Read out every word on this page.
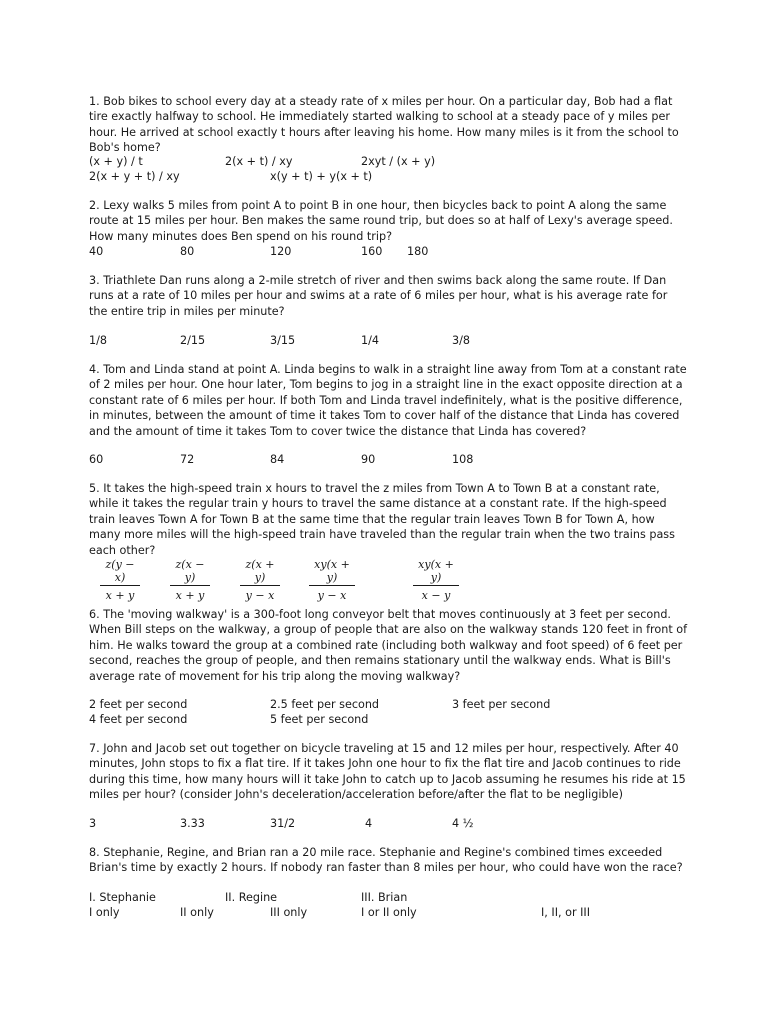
1. Bob bikes to school every day at a steady rate of x miles per hour. On a particular day, Bob had a flat tire exactly halfway to school. He immediately started walking to school at a steady pace of y miles per hour. He arrived at school exactly t hours after leaving his home. How many miles is it from the school to Bob's home?

(x + y) / t	2(x + t) / xy	2xyt / (x + y)
2(x + y + t) / xy	x(y + t) + y(x + t)

2. Lexy walks 5 miles from point A to point B in one hour, then bicycles back to point A along the same route at 15 miles per hour. Ben makes the same round trip, but does so at half of Lexy's average speed. How many minutes does Ben spend on his round trip?

40	80	120	160 180

3. Triathlete Dan runs along a 2-mile stretch of river and then swims back along the same route. If Dan runs at a rate of 10 miles per hour and swims at a rate of 6 miles per hour, what is his average rate for the entire trip in miles per minute?

1/8	2/15	3/15	1/4	3/8

4. Tom and Linda stand at point A. Linda begins to walk in a straight line away from Tom at a constant rate of 2 miles per hour. One hour later, Tom begins to jog in a straight line in the exact opposite direction at a constant rate of 6 miles per hour. If both Tom and Linda travel indefinitely, what is the positive difference, in minutes, between the amount of time it takes Tom to cover half of the distance that Linda has covered and the amount of time it takes Tom to cover twice the distance that Linda has covered?

60	72	84	90	108

5. It takes the high-speed train x hours to travel the z miles from Town A to Town B at a constant rate, while it takes the regular train y hours to travel the same distance at a constant rate. If the high-speed train leaves Town A for Town B at the same time that the regular train leaves Town B for Town A, how many more miles will the high-speed train have traveled than the regular train when the two trains pass each other?

$\frac{z(y - x)}{x + y}$	$\frac{z(x - y)}{x + y}$	$\frac{z(x + y)}{y - x}$	$\frac{xy(x + y)}{y - x}$	$\frac{xy(x + y)}{x - y}$

6. The 'moving walkway' is a 300-foot long conveyor belt that moves continuously at 3 feet per second. When Bill steps on the walkway, a group of people that are also on the walkway stands 120 feet in front of him. He walks toward the group at a combined rate (including both walkway and foot speed) of 6 feet per second, reaches the group of people, and then remains stationary until the walkway ends. What is Bill's average rate of movement for his trip along the moving walkway?

2 feet per second	2.5 feet per second	3 feet per second
4 feet per second	5 feet per second

7. John and Jacob set out together on bicycle traveling at 15 and 12 miles per hour, respectively. After 40 minutes, John stops to fix a flat tire. If it takes John one hour to fix the flat tire and Jacob continues to ride during this time, how many hours will it take John to catch up to Jacob assuming he resumes his ride at 15 miles per hour? (consider John's deceleration/acceleration before/after the flat to be negligible)

3	3.33	31/2	4	4 ½

8. Stephanie, Regine, and Brian ran a 20 mile race. Stephanie and Regine's combined times exceeded Brian's time by exactly 2 hours. If nobody ran faster than 8 miles per hour, who could have won the race?

I. Stephanie	II. Regine	III. Brian
I only	II only	III only	I or II only	I, II, or III
